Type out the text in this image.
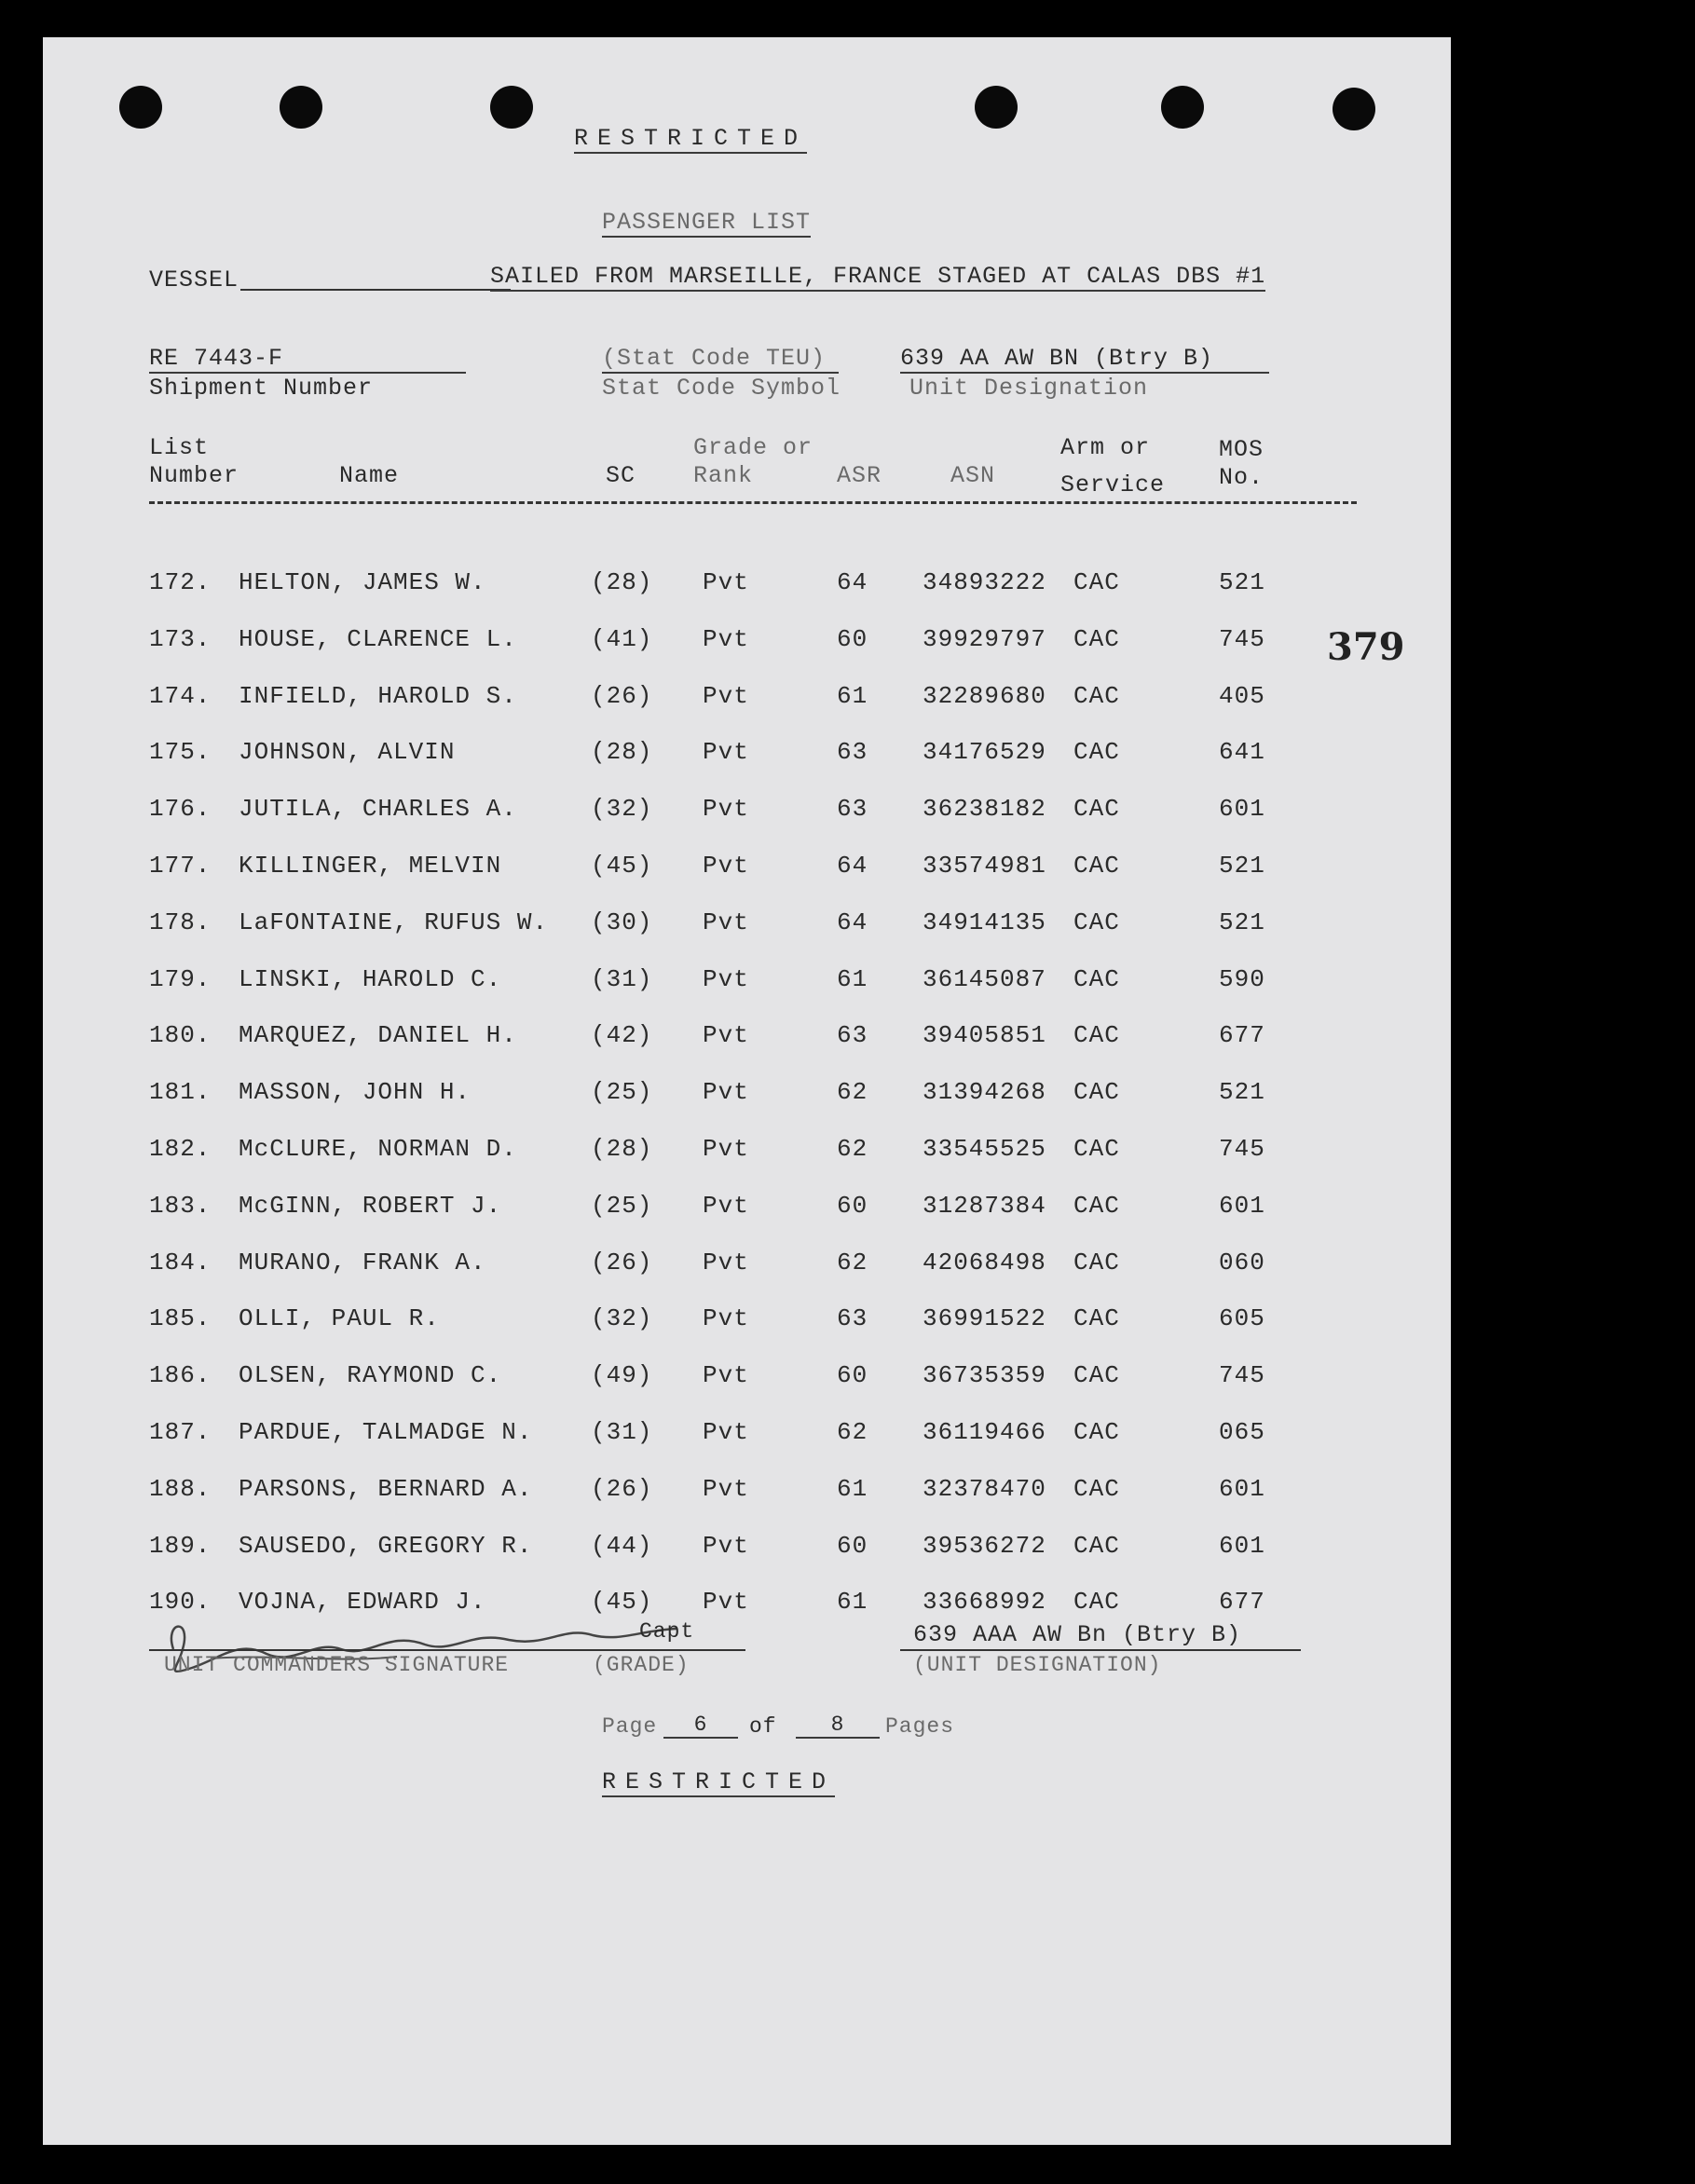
RESTRICTED
PASSENGER LIST
VESSEL	SAILED FROM MARSEILLE, FRANCE STAGED AT CALAS DBS #1
RE 7443-F
Shipment Number
(Stat Code TEU)
Stat Code Symbol
639 AA AW BN (Btry B)
Unit Designation
List
Number	Name	SC
Grade or
Rank	ASR	ASN
Arm or
Service
MOS
No.
172. HELTON, JAMES W.	(28) Pvt	64 34893222 CAC	521
173. HOUSE, CLARENCE L.	(41) Pvt	60 39929797 CAC	745
174. INFIELD, HAROLD S.	(26) Pvt	61 32289680 CAC	405
175. JOHNSON, ALVIN	(28) Pvt	63 34176529 CAC	641
176. JUTILA, CHARLES A.	(32) Pvt	63 36238182 CAC	601
177. KILLINGER, MELVIN	(45) Pvt	64 33574981 CAC	521
178. LaFONTAINE, RUFUS W. (30) Pvt	64 34914135 CAC	521
179. LINSKI, HAROLD C.	(31) Pvt	61 36145087 CAC	590
180. MARQUEZ, DANIEL H.	(42) Pvt	63 39405851 CAC	677
181. MASSON, JOHN H.	(25) Pvt	62 31394268 CAC	521
182. McCLURE, NORMAN D.	(28) Pvt	62 33545525 CAC	745
183. McGINN, ROBERT J.	(25) Pvt	60 31287384 CAC	601
184. MURANO, FRANK A.	(26) Pvt	62 42068498 CAC	060
185. OLLI, PAUL R.	(32) Pvt	63 36991522 CAC	605
186. OLSEN, RAYMOND C.	(49) Pvt	60 36735359 CAC	745
187. PARDUE, TALMADGE N. (31) Pvt	62 36119466 CAC	065
188. PARSONS, BERNARD A. (26) Pvt	61 32378470 CAC	601
189. SAUSEDO, GREGORY R. (44) Pvt	60 39536272 CAC	601
190. VOJNA, EDWARD J.	(45) Pvt	61 33668992 CAC	677
379
Capt
UNIT COMMANDERS SIGNATURE	(GRADE)
639 AAA AW Bn (Btry B)
(UNIT DESIGNATION)
Page	6	of	8	Pages
RESTRICTED
